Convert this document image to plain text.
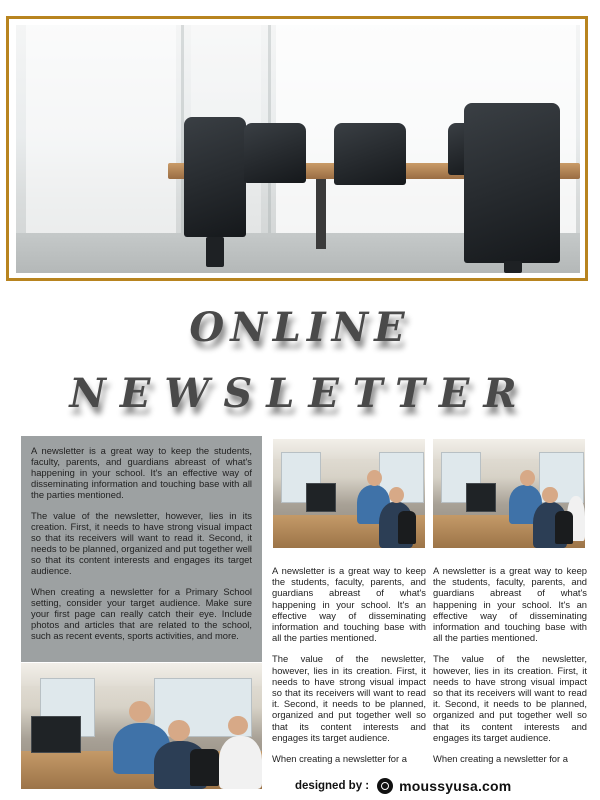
ONLINE
NEWSLETTER

A newsletter is a great way to keep the students, faculty, parents, and guardians abreast of what's happening in your school. It's an effective way of disseminating information and touching base with all the parties mentioned.

The value of the newsletter, however, lies in its creation. First, it needs to have strong visual impact so that its receivers will want to read it. Second, it needs to be planned, organized and put together well so that its content interests and engages its target audience.

When creating a newsletter for a Primary School setting, consider your target audience. Make sure your first page can really catch their eye. Include photos and articles that are related to the school, such as recent events, sports activities, and more.

A newsletter is a great way to keep the students, faculty, parents, and guardians abreast of what's happening in your school. It's an effective way of disseminating information and touching base with all the parties mentioned.

The value of the newsletter, however, lies in its creation. First, it needs to have strong visual impact so that its receivers will want to read it. Second, it needs to be planned, organized and put together well so that its content interests and engages its target audience.

When creating a newsletter for a

A newsletter is a great way to keep the students, faculty, parents, and guardians abreast of what's happening in your school. It's an effective way of disseminating information and touching base with all the parties mentioned.

The value of the newsletter, however, lies in its creation. First, it needs to have strong visual impact so that its receivers will want to read it. Second, it needs to be planned, organized and put together well so that its content interests and engages its target audience.

When creating a newsletter for a

designed by : moussyusa.com
